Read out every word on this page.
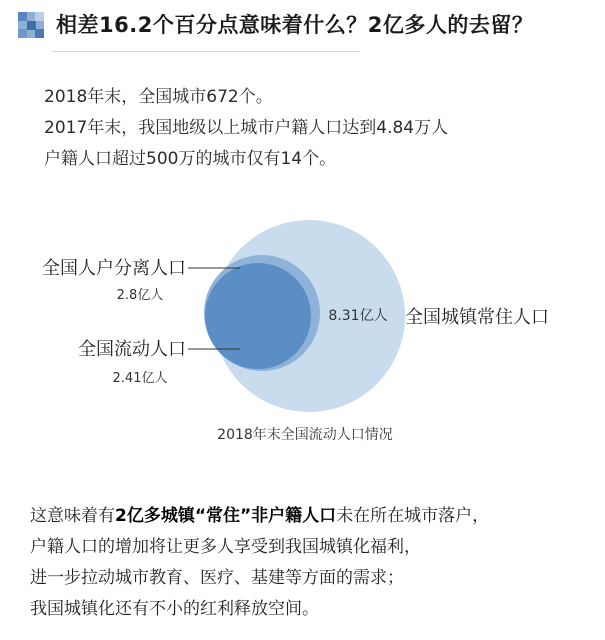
相差16.2个百分点意味着什么？2亿多人的去留？

2018年末，全国城市672个。

2017年末，我国地级以上城市户籍人口达到4.84万人

户籍人口超过500万的城市仅有14个。

全国人户分离人口
2.8亿人
全国流动人口
2.41亿人
8.31亿人 全国城镇常住人口
2018年末全国流动人口情况

这意味着有2亿多城镇“常住”非户籍人口未在所在城市落户，

户籍人口的增加将让更多人享受到我国城镇化福利，

进一步拉动城市教育、医疗、基建等方面的需求；

我国城镇化还有不小的红利释放空间。
